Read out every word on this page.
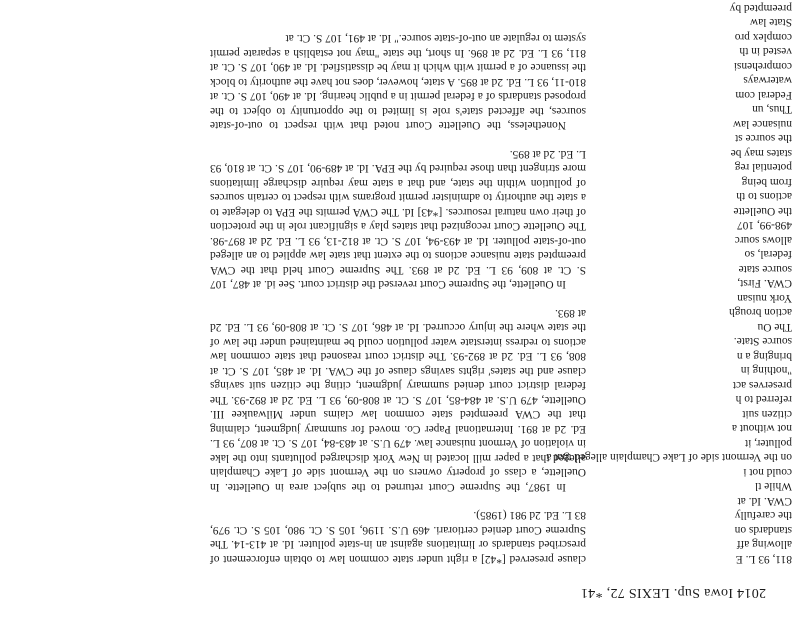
2014 Iowa Sup. LEXIS 72, *41
811, 93 L. E
allowing aff
standards on
the carefully
CWA. Id. at
While tl
could not i
on the Vermont side of Lake Champlain alleged that a
polluter, it
not without a
citizen suit
referred to h
preserves act
"nothing in
bringing a n
source State.
The Ou
action brough
York nuisan
CWA. First,
source state
federal, so
allows sourc
498-99, 107
the Ouellette
actions to th
from being
potential reg
states may be
the source st
nuisance law
Thus, un
Federal com
waterways
comprehensi
vested in th
complex pro
State law
preempted by

clause preserved [*42] a right under state common law to obtain enforcement of prescribed standards or limitations against an in-state polluter. Id. at 413-14. The Supreme Court denied certiorari. 469 U.S. 1196, 105 S. Ct. 980, 105 S. Ct. 979, 83 L. Ed. 2d 981 (1985).

In 1987, the Supreme Court returned to the subject area in Ouellette. In Ouellette, a class of property owners on the Vermont side of Lake Champlain alleged that a paper mill located in New York discharged pollutants into the lake in violation of Vermont nuisance law. 479 U.S. at 483-84, 107 S. Ct. at 807, 93 L. Ed. 2d at 891. International Paper Co. moved for summary judgment, claiming that the CWA preempted state common law claims under Milwaukee III. Ouellette, 479 U.S. at 484-85, 107 S. Ct. at 808-09, 93 L. Ed. 2d at 892-93. The federal district court denied summary judgment, citing the citizen suit savings clause and the states' rights savings clause of the CWA. Id. at 485, 107 S. Ct. at 808, 93 L. Ed. 2d at 892-93. The district court reasoned that state common law actions to redress interstate water pollution could be maintained under the law of the state where the injury occurred. Id. at 486, 107 S. Ct. at 808-09, 93 L. Ed. 2d at 893.

In Ouellette, the Supreme Court reversed the district court. See id. at 487, 107 S. Ct. at 809, 93 L. Ed. 2d at 893. The Supreme Court held that the CWA preempted state nuisance actions to the extent that state law applied to an alleged out-of-state polluter. Id. at 493-94, 107 S. Ct. at 812-13, 93 L. Ed. 2d at 897-98. The Ouellette Court recognized that states play a significant role in the protection of their own natural resources. [*43] Id. The CWA permits the EPA to delegate to a state the authority to administer permit programs with respect to certain sources of pollution within the state, and that a state may require discharge limitations more stringent than those required by the EPA. Id. at 489-90, 107 S. Ct. at 810, 93 L. Ed. 2d at 895.

Nonetheless, the Ouellette Court noted that with respect to out-of-state sources, the affected state's role is limited to the opportunity to object to the proposed standards of a federal permit in a public hearing. Id. at 490, 107 S. Ct. at 810-11, 93 L. Ed. 2d at 895. A state, however, does not have the authority to block the issuance of a permit with which it may be dissatisfied. Id. at 490, 107 S. Ct. at 811, 93 L. Ed. 2d at 896. In short, the state "may not establish a separate permit system to regulate an out-of-state source." Id. at 491, 107 S. Ct. at
